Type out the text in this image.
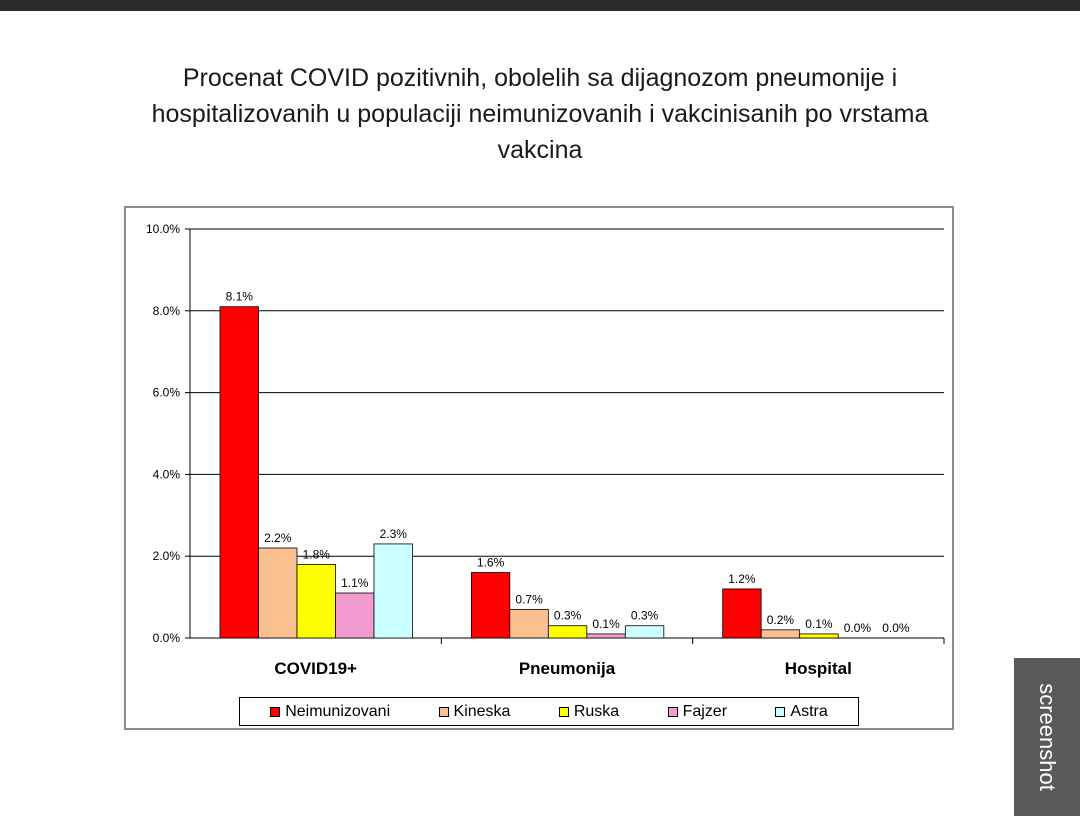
Procenat COVID pozitivnih, obolelih sa dijagnozom pneumonije i
hospitalizovanih u populaciji neimunizovanih i vakcinisanih po vrstama
vakcina
0.0%
2.0%
4.0%
6.0%
8.0%
10.0%
COVID19+
8.1%
2.2%
1.8%
1.1%
2.3%
Pneumonija
1.6%
0.7%
0.3%
0.1%
0.3%
Hospital
1.2%
0.2% 0.1% 0.0% 0.0%
Neimunizovani	Kineska	Ruska	Fajzer	Astra	screenshot
